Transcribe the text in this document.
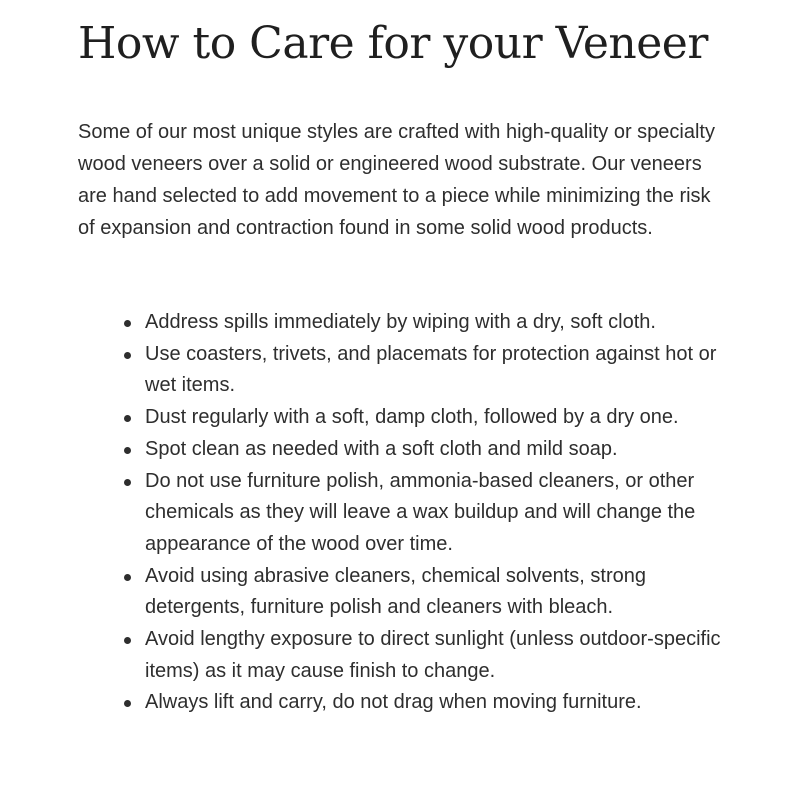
How to Care for your Veneer

Some of our most unique styles are crafted with high-quality or specialty wood veneers over a solid or engineered wood substrate. Our veneers are hand selected to add movement to a piece while minimizing the risk of expansion and contraction found in some solid wood products.

Address spills immediately by wiping with a dry, soft cloth.
Use coasters, trivets, and placemats for protection against hot or wet items.
Dust regularly with a soft, damp cloth, followed by a dry one.
Spot clean as needed with a soft cloth and mild soap.
Do not use furniture polish, ammonia-based cleaners, or other chemicals as they will leave a wax buildup and will change the appearance of the wood over time.
Avoid using abrasive cleaners, chemical solvents, strong detergents, furniture polish and cleaners with bleach.
Avoid lengthy exposure to direct sunlight (unless outdoor-specific items) as it may cause finish to change.
Always lift and carry, do not drag when moving furniture.
